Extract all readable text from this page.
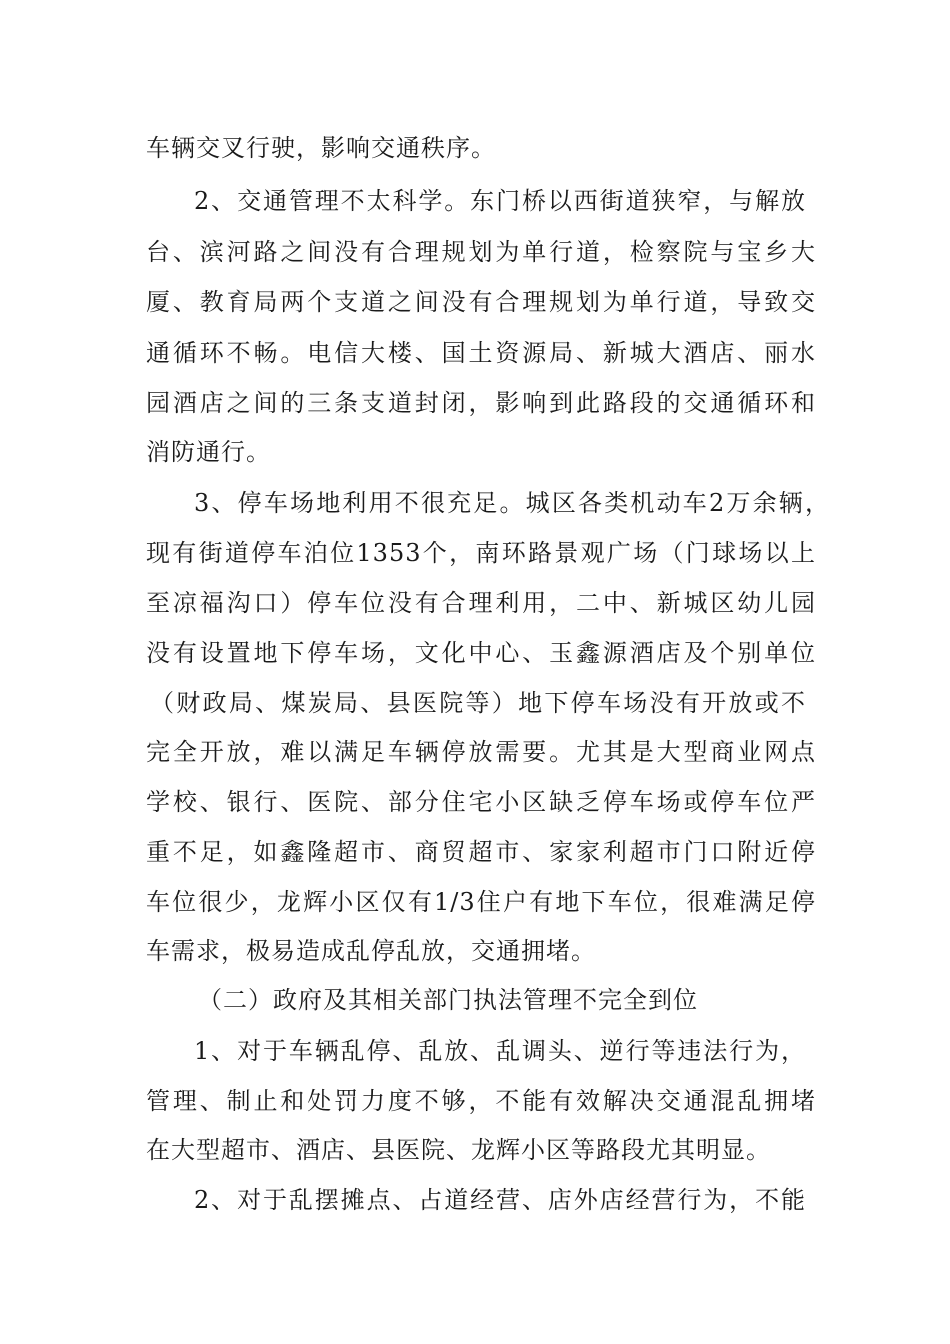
车辆交叉行驶，影响交通秩序。
2、交通管理不太科学。东门桥以西街道狭窄，与解放
台、滨河路之间没有合理规划为单行道，检察院与宝乡大
厦、教育局两个支道之间没有合理规划为单行道，导致交
通循环不畅。电信大楼、国土资源局、新城大酒店、丽水
园酒店之间的三条支道封闭，影响到此路段的交通循环和
消防通行。
3、停车场地利用不很充足。城区各类机动车2万余辆，
现有街道停车泊位1353个，南环路景观广场（门球场以上
至凉福沟口）停车位没有合理利用，二中、新城区幼儿园
没有设置地下停车场，文化中心、玉鑫源酒店及个别单位
（财政局、煤炭局、县医院等）地下停车场没有开放或不
完全开放，难以满足车辆停放需要。尤其是大型商业网点
学校、银行、医院、部分住宅小区缺乏停车场或停车位严
重不足，如鑫隆超市、商贸超市、家家利超市门口附近停
车位很少，龙辉小区仅有1/3住户有地下车位，很难满足停
车需求，极易造成乱停乱放，交通拥堵。
（二）政府及其相关部门执法管理不完全到位
1、对于车辆乱停、乱放、乱调头、逆行等违法行为，
管理、制止和处罚力度不够，不能有效解决交通混乱拥堵
在大型超市、酒店、县医院、龙辉小区等路段尤其明显。
2、对于乱摆摊点、占道经营、店外店经营行为，不能
